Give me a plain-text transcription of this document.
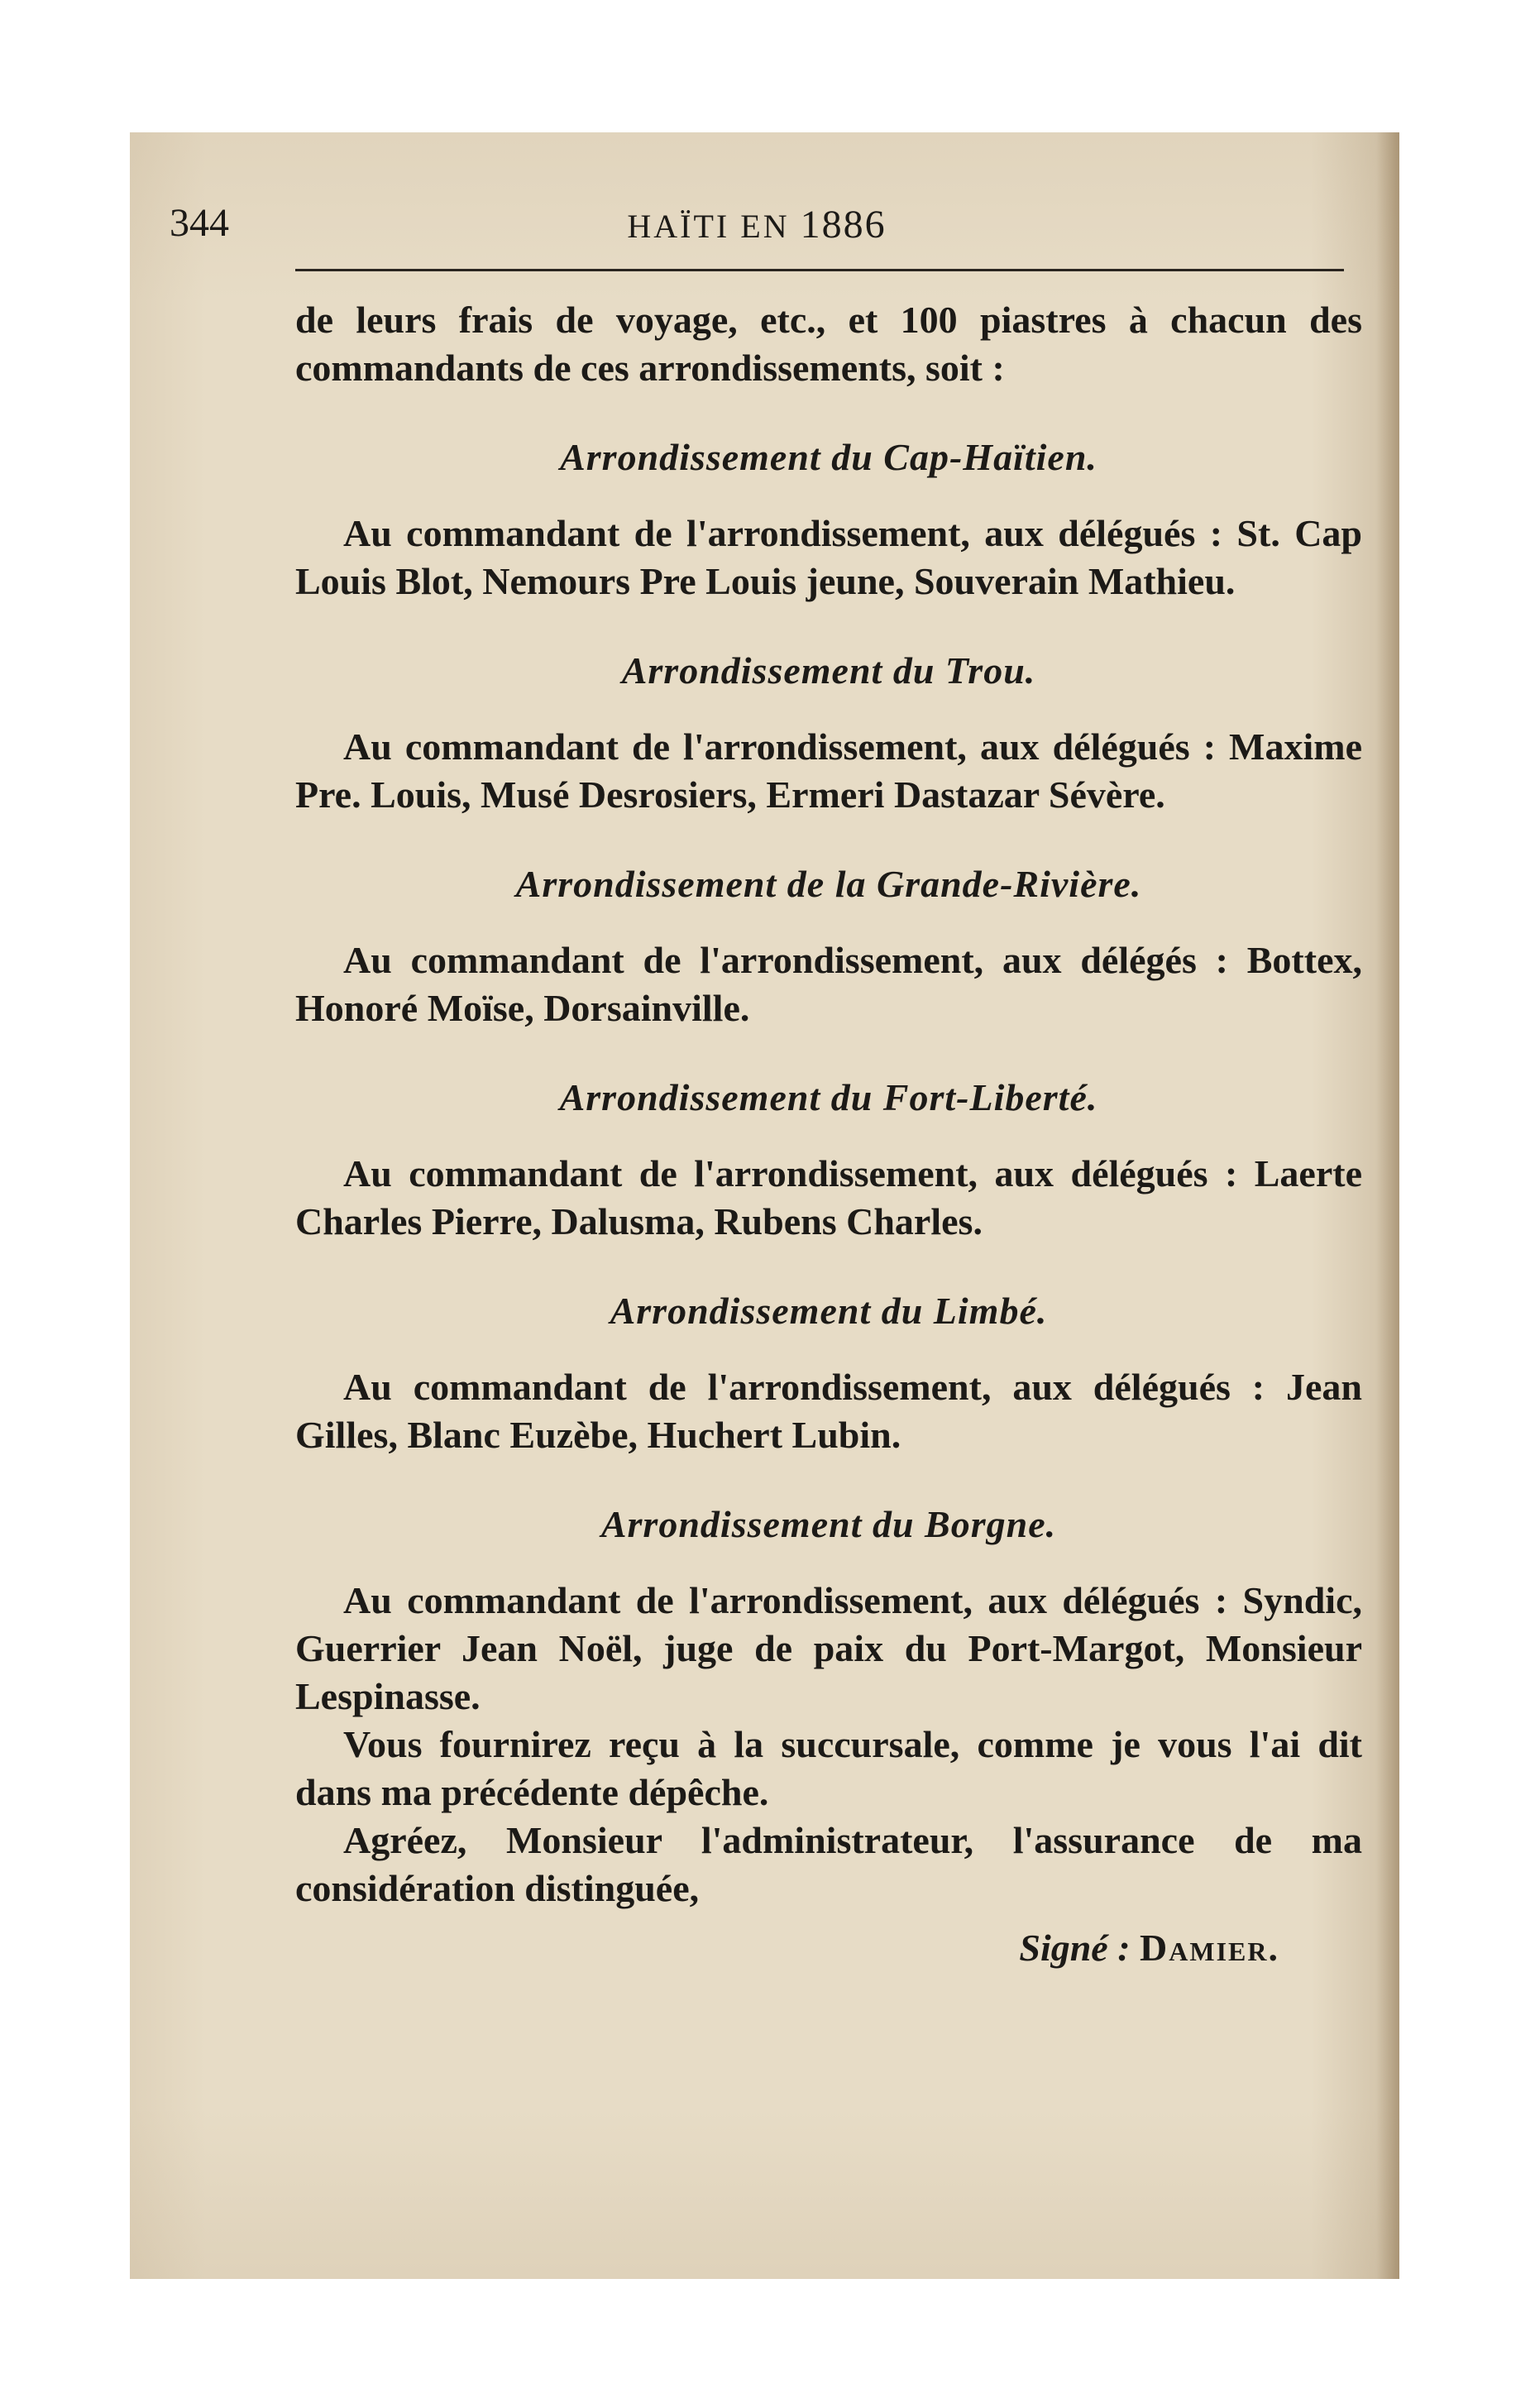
344	HAÏTI EN 1886

de leurs frais de voyage, etc., et 100 piastres à chacun des commandants de ces arrondissements, soit :

Arrondissement du Cap-Haïtien.

Au commandant de l'arrondissement, aux délégués : St. Cap Louis Blot, Nemours Pre Louis jeune, Souverain Mathieu.

Arrondissement du Trou.

Au commandant de l'arrondissement, aux délégués : Maxime Pre. Louis, Musé Desrosiers, Ermeri Dastazar Sévère.

Arrondissement de la Grande-Rivière.

Au commandant de l'arrondissement, aux délégés : Bottex, Honoré Moïse, Dorsainville.

Arrondissement du Fort-Liberté.

Au commandant de l'arrondissement, aux délégués : Laerte Charles Pierre, Dalusma, Rubens Charles.

Arrondissement du Limbé.

Au commandant de l'arrondissement, aux délégués : Jean Gilles, Blanc Euzèbe, Huchert Lubin.

Arrondissement du Borgne.

Au commandant de l'arrondissement, aux délégués : Syndic, Guerrier Jean Noël, juge de paix du Port-Margot, Monsieur Lespinasse.

Vous fournirez reçu à la succursale, comme je vous l'ai dit dans ma précédente dépêche.

Agréez, Monsieur l'administrateur, l'assurance de ma considération distinguée,

Signé : Damier.
